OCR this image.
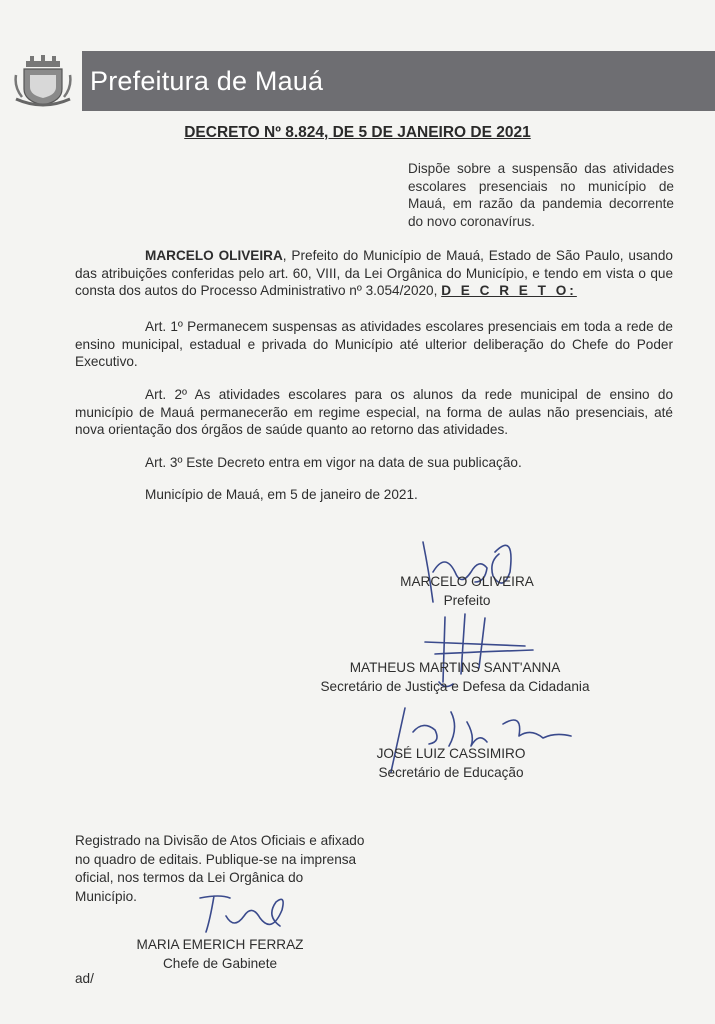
Prefeitura de Mauá
DECRETO Nº 8.824, DE 5 DE JANEIRO DE 2021
Dispõe sobre a suspensão das atividades escolares presenciais no município de Mauá, em razão da pandemia decorrente do novo coronavírus.
MARCELO OLIVEIRA, Prefeito do Município de Mauá, Estado de São Paulo, usando das atribuições conferidas pelo art. 60, VIII, da Lei Orgânica do Município, e tendo em vista o que consta dos autos do Processo Administrativo nº 3.054/2020, D E C R E T O:
Art. 1º Permanecem suspensas as atividades escolares presenciais em toda a rede de ensino municipal, estadual e privada do Município até ulterior deliberação do Chefe do Poder Executivo.
Art. 2º As atividades escolares para os alunos da rede municipal de ensino do município de Mauá permanecerão em regime especial, na forma de aulas não presenciais, até nova orientação dos órgãos de saúde quanto ao retorno das atividades.
Art. 3º Este Decreto entra em vigor na data de sua publicação.
Município de Mauá, em 5 de janeiro de 2021.
MARCELO OLIVEIRA
Prefeito
MATHEUS MARTINS SANT'ANNA
Secretário de Justiça e Defesa da Cidadania
JOSÉ LUIZ CASSIMIRO
Secretário de Educação
Registrado na Divisão de Atos Oficiais e afixado no quadro de editais. Publique-se na imprensa oficial, nos termos da Lei Orgânica do Município.
MARIA EMERICH FERRAZ
Chefe de Gabinete
ad/
